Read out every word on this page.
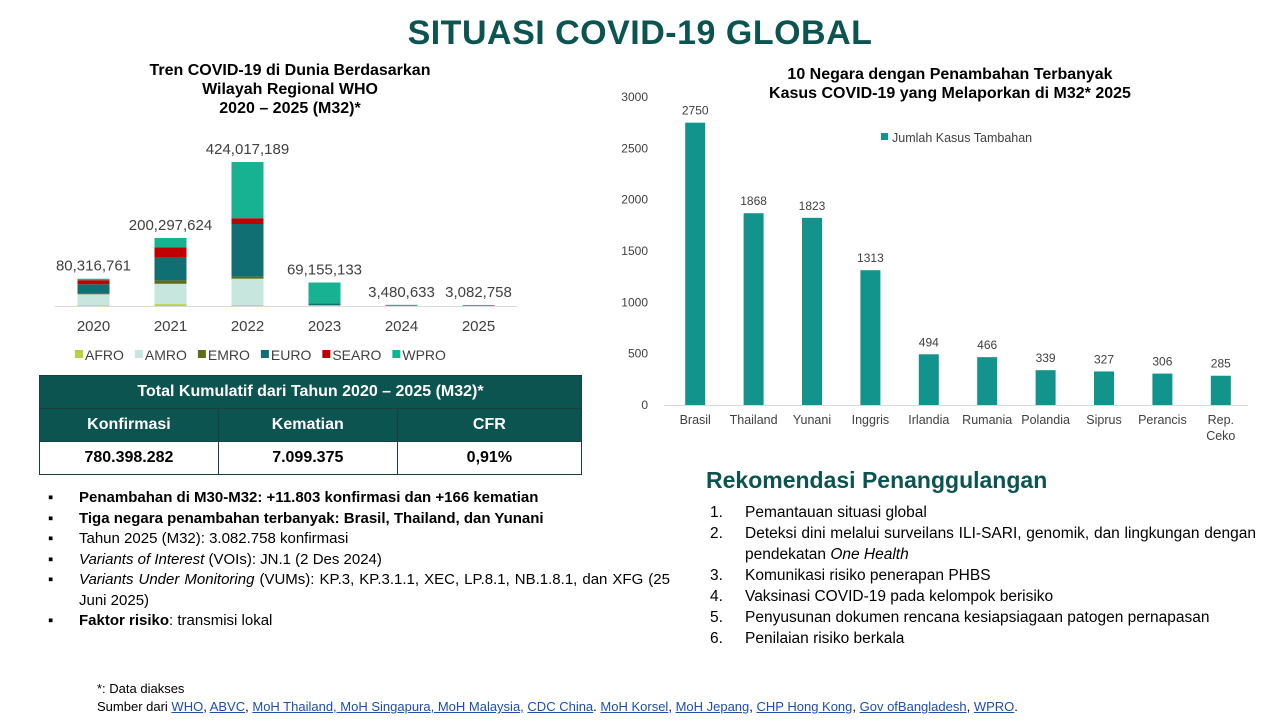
SITUASI COVID-19 GLOBAL
Tren COVID-19 di Dunia Berdasarkan
Wilayah Regional WHO
2020 – 2025 (M32)*
10 Negara dengan Penambahan Terbanyak
Kasus COVID-19 yang Melaporkan di M32* 2025
80,316,761
2020
200,297,624
2021
424,017,189
2022
69,155,133
2023
3,480,633
2024
3,082,758
2025
AFRO AMRO EMRO EURO SEARO WPRO
0
500
1000
1500
2000
2500
3000
2750
Brasil
1868
Thailand
1823
Yunani
1313
Inggris
494
Irlandia
466
Rumania
339
Polandia
327
Siprus
306
Perancis
285
Rep.
Ceko
Jumlah Kasus Tambahan
Total Kumulatif dari Tahun 2020 – 2025 (M32)*		
Konfirmasi	Kematian	CFR
780.398.282	7.099.375	0,91%
▪ Penambahan di M30-M32: +11.803 konfirmasi dan +166 kematian
▪ Tiga negara penambahan terbanyak: Brasil, Thailand, dan Yunani
▪ Tahun 2025 (M32): 3.082.758 konfirmasi
▪ Variants of Interest (VOIs): JN.1 (2 Des 2024)
▪ Variants Under Monitoring (VUMs): KP.3, KP.3.1.1, XEC, LP.8.1, NB.1.8.1, dan XFG (25 Juni 2025)
▪ Faktor risiko: transmisi lokal
Rekomendasi Penanggulangan
1. Pemantauan situasi global
2. Deteksi dini melalui surveilans ILI-SARI, genomik, dan lingkungan dengan pendekatan One Health
3. Komunikasi risiko penerapan PHBS
4. Vaksinasi COVID-19 pada kelompok berisiko
5. Penyusunan dokumen rencana kesiapsiagaan patogen pernapasan
6. Penilaian risiko berkala
*: Data diakses
Sumber dari WHO, ABVC, MoH Thailand, MoH Singapura, MoH Malaysia, CDC China. MoH Korsel, MoH Jepang, CHP Hong Kong, Gov ofBangladesh, WPRO.
